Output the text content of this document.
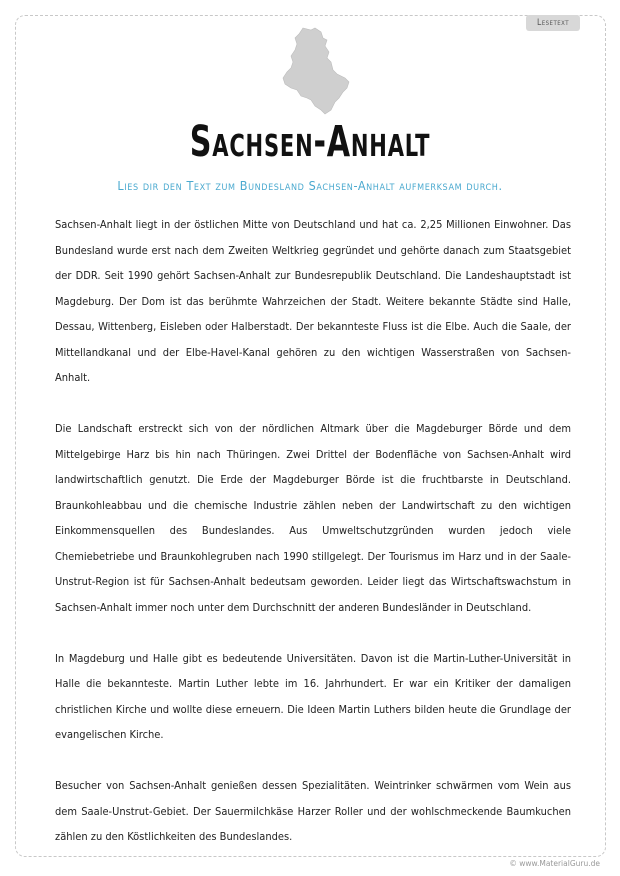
Lesetext
Sachsen-Anhalt
Lies dir den Text zum Bundesland Sachsen-Anhalt aufmerksam durch.

Sachsen-Anhalt liegt in der östlichen Mitte von Deutschland und hat ca. 2,25 Millionen Einwohner. Das Bundesland wurde erst nach dem Zweiten Weltkrieg gegründet und gehörte danach zum Staatsgebiet der DDR. Seit 1990 gehört Sachsen-Anhalt zur Bundesrepublik Deutschland. Die Landeshauptstadt ist Magdeburg. Der Dom ist das berühmte Wahrzeichen der Stadt. Weitere bekannte Städte sind Halle, Dessau, Wittenberg, Eisleben oder Halberstadt. Der bekannteste Fluss ist die Elbe. Auch die Saale, der Mittellandkanal und der Elbe-Havel-Kanal gehören zu den wichtigen Wasserstraßen von Sachsen-Anhalt.

Die Landschaft erstreckt sich von der nördlichen Altmark über die Magdeburger Börde und dem Mittelgebirge Harz bis hin nach Thüringen. Zwei Drittel der Bodenfläche von Sachsen-Anhalt wird landwirtschaftlich genutzt. Die Erde der Magdeburger Börde ist die fruchtbarste in Deutschland. Braunkohleabbau und die chemische Industrie zählen neben der Landwirtschaft zu den wichtigen Einkommensquellen des Bundeslandes. Aus Umweltschutzgründen wurden jedoch viele Chemiebetriebe und Braunkohlegruben nach 1990 stillgelegt. Der Tourismus im Harz und in der Saale-Unstrut-Region ist für Sachsen-Anhalt bedeutsam geworden. Leider liegt das Wirtschaftswachstum in Sachsen-Anhalt immer noch unter dem Durchschnitt der anderen Bundesländer in Deutschland.

In Magdeburg und Halle gibt es bedeutende Universitäten. Davon ist die Martin-Luther-Universität in Halle die bekannteste. Martin Luther lebte im 16. Jahrhundert. Er war ein Kritiker der damaligen christlichen Kirche und wollte diese erneuern. Die Ideen Martin Luthers bilden heute die Grundlage der evangelischen Kirche.

Besucher von Sachsen-Anhalt genießen dessen Spezialitäten. Weintrinker schwärmen vom Wein aus dem Saale-Unstrut-Gebiet. Der Sauermilchkäse Harzer Roller und der wohlschmeckende Baumkuchen zählen zu den Köstlichkeiten des Bundeslandes.

© www.MaterialGuru.de
